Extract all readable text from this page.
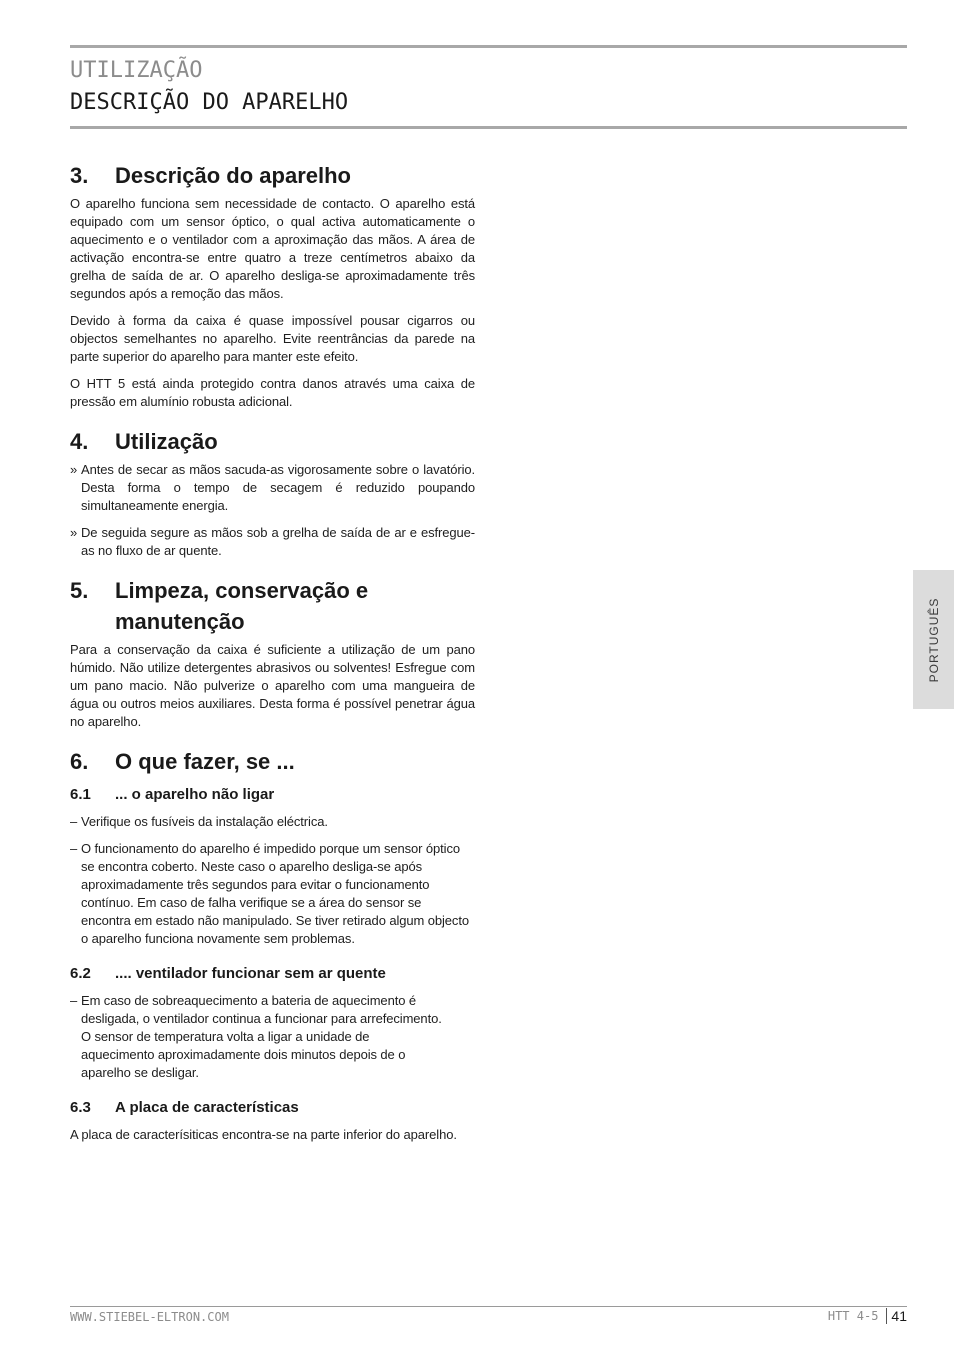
UTILIZAÇÃO
DESCRIÇÃO DO APARELHO
3.	Descrição do aparelho

O aparelho funciona sem necessidade de contacto. O aparelho está equipado com um sensor óptico, o qual activa automaticamente o aquecimento e o ventilador com a aproximação das mãos. A área de activação encontra-se entre quatro a treze centímetros abaixo da grelha de saída de ar. O aparelho desliga-se aproximadamente três segundos após a remoção das mãos.

Devido à forma da caixa é quase impossível pousar cigarros ou objectos semelhantes no aparelho. Evite reentrâncias da parede na parte superior do aparelho para manter este efeito.

O HTT 5 está ainda protegido contra danos através uma caixa de pressão em alumínio robusta adicional.

4.	Utilização
» Antes de secar as mãos sacuda-as vigorosamente sobre o lavatório. Desta forma o tempo de secagem é reduzido poupando simultaneamente energia.
» De seguida segure as mãos sob a grelha de saída de ar e esfregue-as no fluxo de ar quente.
5.	Limpeza, conservação e manutenção

Para a conservação da caixa é suficiente a utilização de um pano húmido. Não utilize detergentes abrasivos ou solventes! Esfregue com um pano macio. Não pulverize o aparelho com uma mangueira de água ou outros meios auxiliares. Desta forma é possível penetrar água no aparelho.

6.	O que fazer, se ...
6.1	... o aparelho não ligar
– Verifique os fusíveis da instalação eléctrica.
– O funcionamento do aparelho é impedido porque um sensor óptico se encontra coberto. Neste caso o aparelho desliga-se após aproximadamente três segundos para evitar o funcionamento contínuo. Em caso de falha verifique se a área do sensor se encontra em estado não manipulado. Se tiver retirado algum objecto o aparelho funciona novamente sem problemas.
6.2	.... ventilador funcionar sem ar quente
– Em caso de sobreaquecimento a bateria de aquecimento é desligada, o ventilador continua a funcionar para arrefecimento. O sensor de temperatura volta a ligar a unidade de aquecimento aproximadamente dois minutos depois de o aparelho se desligar.
6.3	A placa de características

A placa de caracterísiticas encontra-se na parte inferior do aparelho.

PORTUGUÊS
WWW.STIEBEL-ELTRON.COM	HTT 4-5 41
